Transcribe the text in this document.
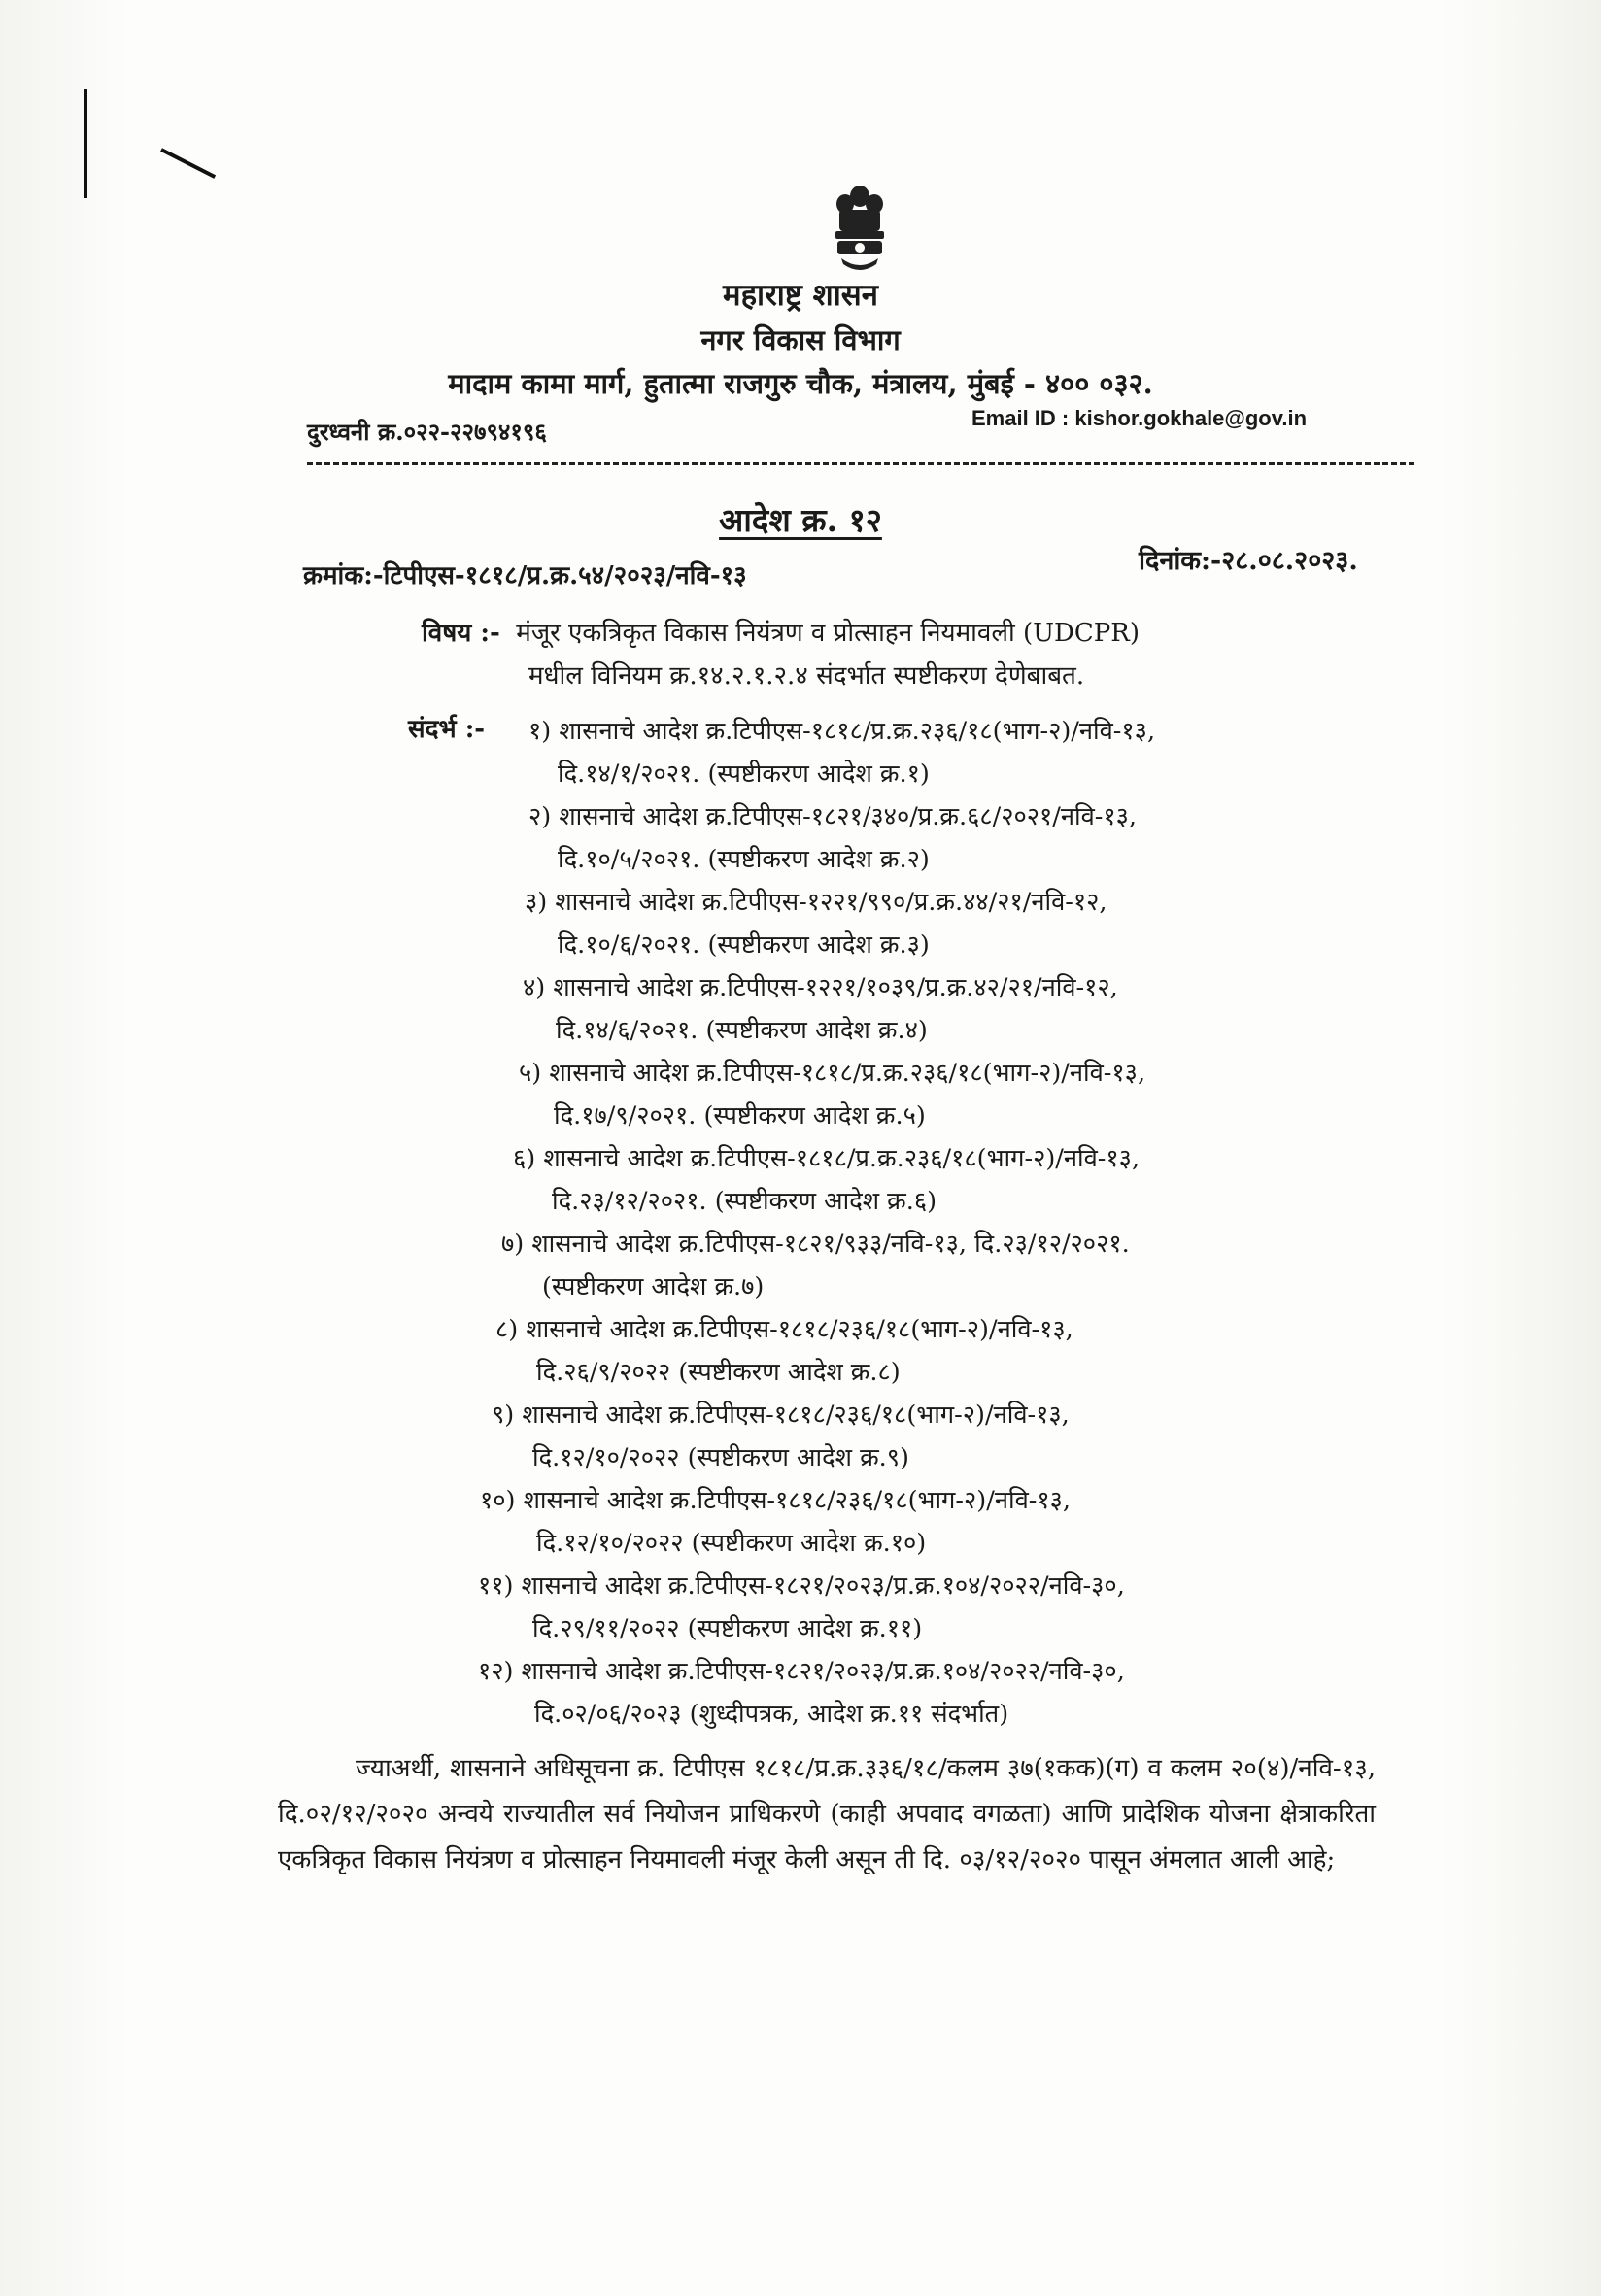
महाराष्ट्र शासन
नगर विकास विभाग
मादाम कामा मार्ग, हुतात्मा राजगुरु चौक, मंत्रालय, मुंबई - ४०० ०३२.
दुरध्वनी क्र.०२२-२२७९४१९६	Email ID : kishor.gokhale@gov.in
आदेश क्र. १२
क्रमांक:-टिपीएस-१८१८/प्र.क्र.५४/२०२३/नवि-१३	दिनांक:-२८.०८.२०२३.
विषय :- मंजूर एकत्रिकृत विकास नियंत्रण व प्रोत्साहन नियमावली (UDCPR)
मधील विनियम क्र.१४.२.१.२.४ संदर्भात स्पष्टीकरण देणेबाबत.
संदर्भ :- १) शासनाचे आदेश क्र.टिपीएस-१८१८/प्र.क्र.२३६/१८(भाग-२)/नवि-१३,
दि.१४/१/२०२१. (स्पष्टीकरण आदेश क्र.१)
२) शासनाचे आदेश क्र.टिपीएस-१८२१/३४०/प्र.क्र.६८/२०२१/नवि-१३,
दि.१०/५/२०२१. (स्पष्टीकरण आदेश क्र.२)
३) शासनाचे आदेश क्र.टिपीएस-१२२१/९९०/प्र.क्र.४४/२१/नवि-१२,
दि.१०/६/२०२१. (स्पष्टीकरण आदेश क्र.३)
४) शासनाचे आदेश क्र.टिपीएस-१२२१/१०३९/प्र.क्र.४२/२१/नवि-१२,
दि.१४/६/२०२१. (स्पष्टीकरण आदेश क्र.४)
५) शासनाचे आदेश क्र.टिपीएस-१८१८/प्र.क्र.२३६/१८(भाग-२)/नवि-१३,
दि.१७/९/२०२१. (स्पष्टीकरण आदेश क्र.५)
६) शासनाचे आदेश क्र.टिपीएस-१८१८/प्र.क्र.२३६/१८(भाग-२)/नवि-१३,
दि.२३/१२/२०२१. (स्पष्टीकरण आदेश क्र.६)
७) शासनाचे आदेश क्र.टिपीएस-१८२१/९३३/नवि-१३, दि.२३/१२/२०२१.
(स्पष्टीकरण आदेश क्र.७)
८) शासनाचे आदेश क्र.टिपीएस-१८१८/२३६/१८(भाग-२)/नवि-१३,
दि.२६/९/२०२२ (स्पष्टीकरण आदेश क्र.८)
९) शासनाचे आदेश क्र.टिपीएस-१८१८/२३६/१८(भाग-२)/नवि-१३,
दि.१२/१०/२०२२ (स्पष्टीकरण आदेश क्र.९)
१०) शासनाचे आदेश क्र.टिपीएस-१८१८/२३६/१८(भाग-२)/नवि-१३,
दि.१२/१०/२०२२ (स्पष्टीकरण आदेश क्र.१०)
११) शासनाचे आदेश क्र.टिपीएस-१८२१/२०२३/प्र.क्र.१०४/२०२२/नवि-३०,
दि.२९/११/२०२२ (स्पष्टीकरण आदेश क्र.११)
१२) शासनाचे आदेश क्र.टिपीएस-१८२१/२०२३/प्र.क्र.१०४/२०२२/नवि-३०,
दि.०२/०६/२०२३ (शुध्दीपत्रक, आदेश क्र.११ संदर्भात)
ज्याअर्थी, शासनाने अधिसूचना क्र. टिपीएस १८१८/प्र.क्र.३३६/१८/कलम ३७(१कक)(ग) व कलम २०(४)/नवि-१३, दि.०२/१२/२०२० अन्वये राज्यातील सर्व नियोजन प्राधिकरणे (काही अपवाद वगळता) आणि प्रादेशिक योजना क्षेत्राकरिता एकत्रिकृत विकास नियंत्रण व प्रोत्साहन नियमावली मंजूर केली असून ती दि. ०३/१२/२०२० पासून अंमलात आली आहे;
